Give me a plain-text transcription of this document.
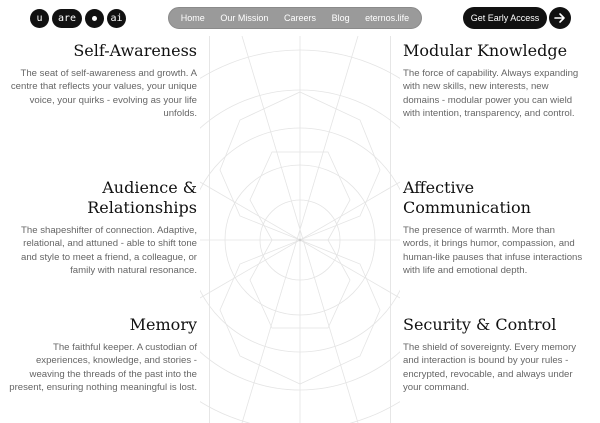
u	are	ai	Home Our Mission Careers Blog eternos.life	Get Early Access
Self-Awareness

The seat of self-awareness and growth. A centre that reflects your values, your unique voice, your quirks - evolving as your life unfolds.

Audience &
Relationships

The shapeshifter of connection. Adaptive, relational, and attuned - able to shift tone and style to meet a friend, a colleague, or family with natural resonance.

Memory

The faithful keeper. A custodian of experiences, knowledge, and stories - weaving the threads of the past into the present, ensuring nothing meaningful is lost.

Modular Knowledge

The force of capability. Always expanding with new skills, new interests, new domains - modular power you can wield with intention, transparency, and control.

Affective
Communication

The presence of warmth. More than words, it brings humor, compassion, and human-like pauses that infuse interactions with life and emotional depth.

Security & Control

The shield of sovereignty. Every memory and interaction is bound by your rules - encrypted, revocable, and always under your command.
